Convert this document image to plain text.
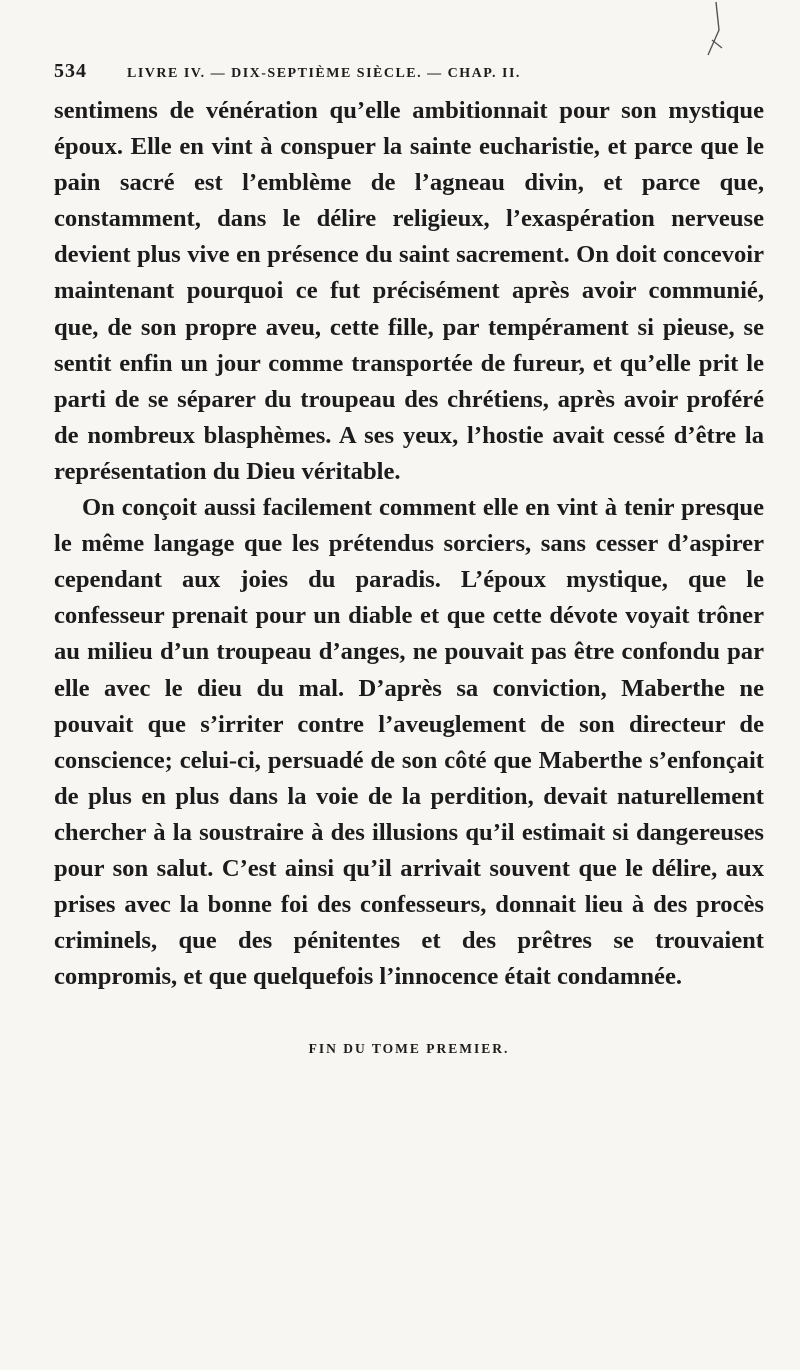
534	LIVRE IV. — DIX-SEPTIÈME SIÈCLE. — CHAP. II.

sentimens de vénération qu’elle ambitionnait pour son mystique époux. Elle en vint à conspuer la sainte eucharistie, et parce que le pain sacré est l’emblème de l’agneau divin, et parce que, constamment, dans le délire religieux, l’exaspération nerveuse devient plus vive en présence du saint sacrement. On doit concevoir maintenant pourquoi ce fut précisément après avoir communié, que, de son propre aveu, cette fille, par tempérament si pieuse, se sentit enfin un jour comme transportée de fureur, et qu’elle prit le parti de se séparer du troupeau des chrétiens, après avoir proféré de nombreux blasphèmes. A ses yeux, l’hostie avait cessé d’être la représentation du Dieu véritable.

On conçoit aussi facilement comment elle en vint à tenir presque le même langage que les prétendus sorciers, sans cesser d’aspirer cependant aux joies du paradis. L’époux mystique, que le confesseur prenait pour un diable et que cette dévote voyait trôner au milieu d’un troupeau d’anges, ne pouvait pas être confondu par elle avec le dieu du mal. D’après sa conviction, Maberthe ne pouvait que s’irriter contre l’aveuglement de son directeur de conscience; celui-ci, persuadé de son côté que Maberthe s’enfonçait de plus en plus dans la voie de la perdition, devait naturellement chercher à la soustraire à des illusions qu’il estimait si dangereuses pour son salut. C’est ainsi qu’il arrivait souvent que le délire, aux prises avec la bonne foi des confesseurs, donnait lieu à des procès criminels, que des pénitentes et des prêtres se trouvaient compromis, et que quelquefois l’innocence était condamnée.

FIN DU TOME PREMIER.
